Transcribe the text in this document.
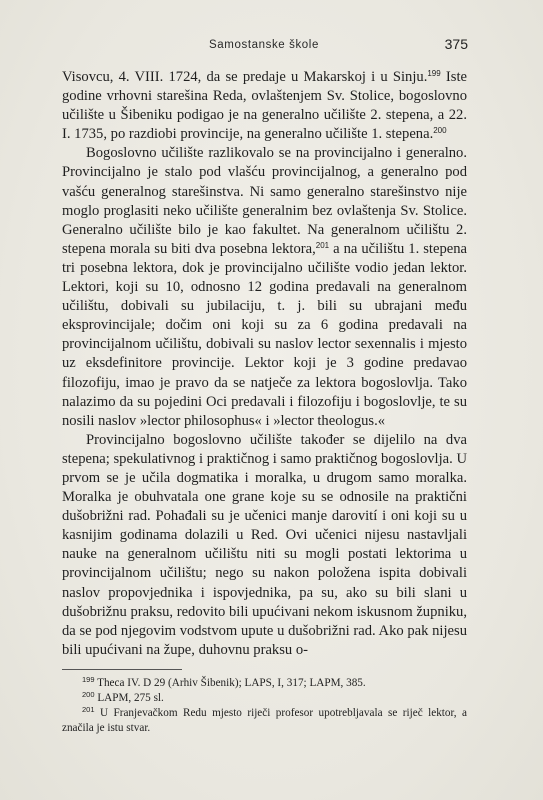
Samostanske škole	375

Visovcu, 4. VIII. 1724, da se predaje u Makarskoj i u Sinju.$^{199}$ Iste godine vrhovni starešina Reda, ovlaštenjem Sv. Stolice, bogoslovno učilište u Šibeniku podigao je na generalno učilište 2. stepena, a 22. I. 1735, po razdiobi provincije, na generalno učilište 1. stepena.$^{200}$

Bogoslovno učilište razlikovalo se na provincijalno i generalno. Provincijalno je stalo pod vlašću provincijalnog, a generalno pod vašću generalnog starešinstva. Ni samo generalno starešinstvo nije moglo proglasiti neko učilište generalnim bez ovlaštenja Sv. Stolice. Generalno učilište bilo je kao fakultet. Na generalnom učilištu 2. stepena morala su biti dva posebna lektora,$^{201}$ a na učilištu 1. stepena tri posebna lektora, dok je provincijalno učilište vodio jedan lektor. Lektori, koji su 10, odnosno 12 godina predavali na generalnom učilištu, dobivali su jubilaciju, t. j. bili su ubrajani među eksprovincijale; dočim oni koji su za 6 godina predavali na provincijalnom učilištu, dobivali su naslov lector sexennalis i mjesto uz eksdefinitore provincije. Lektor koji je 3 godine predavao filozofiju, imao je pravo da se natječe za lektora bogoslovlja. Tako nalazimo da su pojedini Oci predavali i filozofiju i bogoslovlje, te su nosili naslov »lector philosophus« i »lector theologus.«

Provincijalno bogoslovno učilište također se dijelilo na dva stepena; spekulativnog i praktičnog i samo praktičnog bogoslovlja. U prvom se je učila dogmatika i moralka, u drugom samo moralka. Moralka je obuhvatala one grane koje su se odnosile na praktični dušobrižni rad. Pohađali su je učenici manje darovití i oni koji su u kasnijim godinama dolazili u Red. Ovi učenici nijesu nastavljali nauke na generalnom učilištu niti su mogli postati lektorima u provincijalnom učilištu; nego su nakon položena ispita dobivali naslov propovjednika i ispovjednika, pa su, ako su bili slani u dušobrižnu praksu, redovito bili upućivani nekom iskusnom župniku, da se pod njegovim vodstvom upute u dušobrižni rad. Ako pak nijesu bili upućivani na župe, duhovnu praksu o-

$^{199}$ Theca IV. D 29 (Arhiv Šibenik); LAPS, I, 317; LAPM, 385.

$^{200}$ LAPM, 275 sl.

$^{201}$ U Franjevačkom Redu mjesto riječi profesor upotrebljavala se riječ lektor, a značila je istu stvar.
